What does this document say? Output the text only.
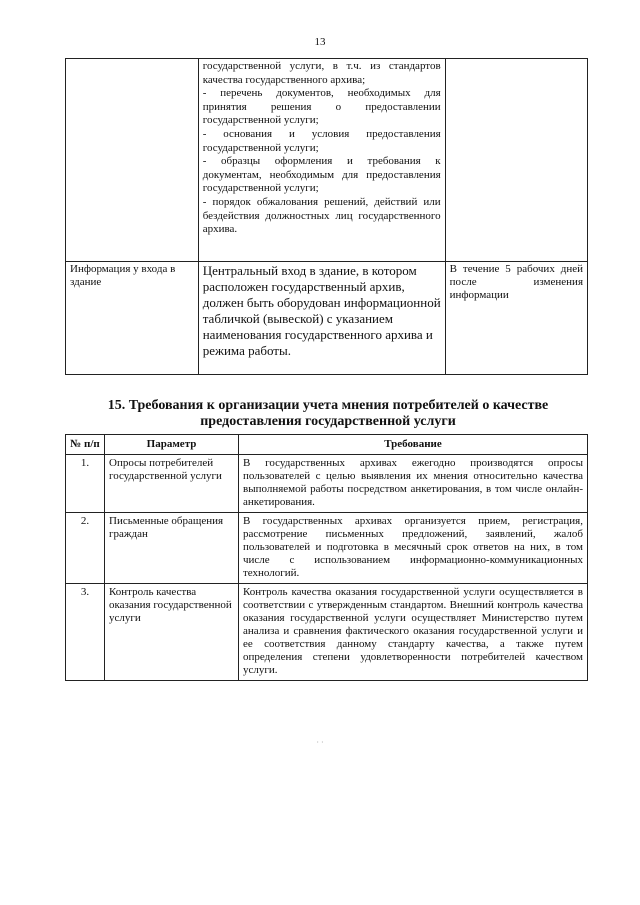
13

	государственной услуги, в т.ч. из стандартов качества государственного архива;
- перечень документов, необходимых для принятия решения о предоставлении государственной услуги;
- основания и условия предоставления государственной услуги;
- образцы оформления и требования к документам, необходимым для предоставления государственной услуги;
- порядок обжалования решений, действий или бездействия должностных лиц государственного архива.	

Информация у входа в здание	Центральный вход в здание, в котором расположен государственный архив, должен быть оборудован информационной табличкой (вывеской) с указанием наименования государственного архива и режима работы.	В течение 5 рабочих дней после изменения информации
15. Требования к организации учета мнения потребителей о качестве предоставления государственной услуги
№ п/п	Параметр	Требование
1.	Опросы потребителей государственной услуги	В государственных архивах ежегодно производятся опросы пользователей с целью выявления их мнения относительно качества выполняемой работы посредством анкетирования, в том числе онлайн-анкетирования.
2.	Письменные обращения граждан	В государственных архивах организуется прием, регистрация, рассмотрение письменных предложений, заявлений, жалоб пользователей и подготовка в месячный срок ответов на них, в том числе с использованием информационно-коммуникационных технологий.
3.	Контроль качества оказания государственной услуги	Контроль качества оказания государственной услуги осуществляется в соответствии с утвержденным стандартом. Внешний контроль качества оказания государственной услуги осуществляет Министерство путем анализа и сравнения фактического оказания государственной услуги и ее соответствия данному стандарту качества, а также путем определения степени удовлетворенности потребителей качеством услуги.
· ·
